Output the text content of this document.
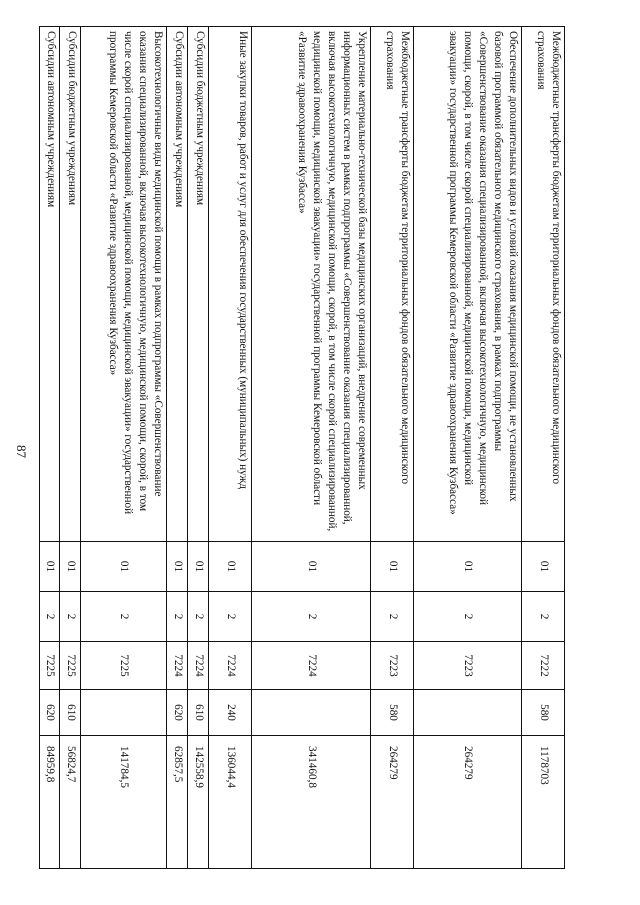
87	Межбюджетные трансферты бюджетам территориальных фондов обязательного медицинского страхования	01	2	7222	580	1178703
Обеспечение дополнительных видов и условий оказания медицинской помощи, не установленных базовой программой обязательного медицинского страхования, в рамках подпрограммы «Совершенствование оказания специализированной, включая высокотехнологичную, медицинской помощи, скорой, в том числе скорой специализированной, медицинской помощи, медицинской эвакуации» государственной программы Кемеровской области «Развитие здравоохранения Кузбасса»	01	2	7223		264279
Межбюджетные трансферты бюджетам территориальных фондов обязательного медицинского страхования	01	2	7223	580	264279
Укрепление материально-технической базы медицинских организаций, внедрение современных информационных систем в рамках подпрограммы «Совершенствование оказания специализированной, включая высокотехнологичную, медицинской помощи, скорой, в том числе скорой специализированной, медицинской помощи, медицинской эвакуации» государственной программы Кемеровской области «Развитие здравоохранения Кузбасса»	01	2	7224		341460,8
Иные закупки товаров, работ и услуг для обеспечения государственных (муниципальных) нужд	01	2	7224	240	136044,4
Субсидии бюджетным учреждениям	01	2	7224	610	142558,9
Субсидии автономным учреждениям	01	2	7224	620	62857,5
Высокотехнологичные виды медицинской помощи в рамках подпрограммы «Совершенствование оказания специализированной, включая высокотехнологичную, медицинской помощи, скорой, в том числе скорой специализированной, медицинской помощи, медицинской эвакуации» государственной программы Кемеровской области «Развитие здравоохранения Кузбасса»	01	2	7225		141784,5
Субсидии бюджетным учреждениям	01	2	7225	610	56824,7
Субсидии автономным учреждениям	01	2	7225	620	84959,8
